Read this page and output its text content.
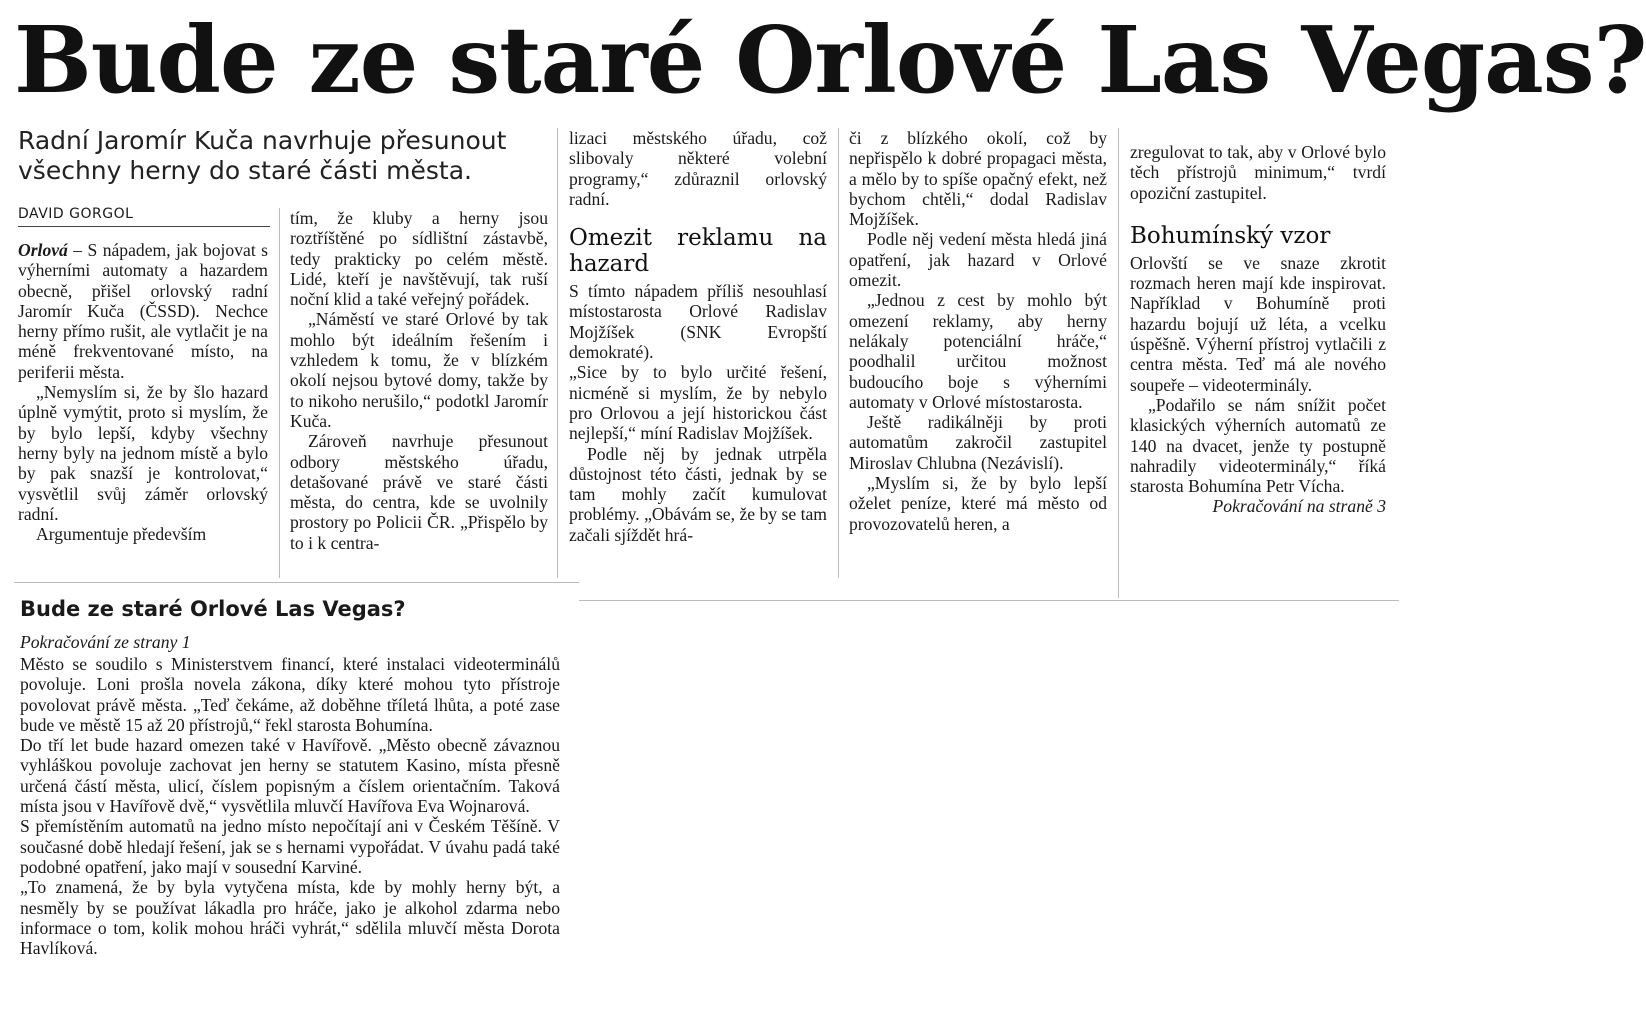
Bude ze staré Orlové Las Vegas?
Radní Jaromír Kuča navrhuje přesunout všechny herny do staré části města.
DAVID GORGOL

Orlová – S nápadem, jak bojovat s výherními automaty a hazardem obecně, přišel orlovský radní Jaromír Kuča (ČSSD). Nechce herny přímo rušit, ale vytlačit je na méně frekventované místo, na periferii města.

„Nemyslím si, že by šlo hazard úplně vymýtit, proto si myslím, že by bylo lepší, kdyby všechny herny byly na jednom místě a bylo by pak snazší je kontrolovat,“ vysvětlil svůj záměr orlovský radní.

Argumentuje především

tím, že kluby a herny jsou roztříštěné po sídlištní zástavbě, tedy prakticky po celém městě. Lidé, kteří je navštěvují, tak ruší noční klid a také veřejný pořádek.

„Náměstí ve staré Orlové by tak mohlo být ideálním řešením i vzhledem k tomu, že v blízkém okolí nejsou bytové domy, takže by to nikoho nerušilo,“ podotkl Jaromír Kuča.

Zároveň navrhuje přesunout odbory městského úřadu, detašované právě ve staré části města, do centra, kde se uvolnily prostory po Policii ČR. „Přispělo by to i k centra-

lizaci městského úřadu, což slibovaly některé volební programy,“ zdůraznil orlovský radní.

Omezit reklamu na hazard

S tímto nápadem příliš nesouhlasí místostarosta Orlové Radislav Mojžíšek (SNK Evropští demokraté).

„Sice by to bylo určité řešení, nicméně si myslím, že by nebylo pro Orlovou a její historickou část nejlepší,“ míní Radislav Mojžíšek.

Podle něj by jednak utrpěla důstojnost této části, jednak by se tam mohly začít kumulovat problémy. „Obávám se, že by se tam začali sjíždět hrá-

či z blízkého okolí, což by nepřispělo k dobré propagaci města, a mělo by to spíše opačný efekt, než bychom chtěli,“ dodal Radislav Mojžíšek.

Podle něj vedení města hledá jiná opatření, jak hazard v Orlové omezit.

„Jednou z cest by mohlo být omezení reklamy, aby herny nelákaly potenciální hráče,“ poodhalil určitou možnost budoucího boje s výherními automaty v Orlové místostarosta.

Ještě radikálněji by proti automatům zakročil zastupitel Miroslav Chlubna (Nezávislí).

„Myslím si, že by bylo lepší oželet peníze, které má město od provozovatelů heren, a

zregulovat to tak, aby v Orlové bylo těch přístrojů minimum,“ tvrdí opoziční zastupitel.

Bohumínský vzor

Orlovští se ve snaze zkrotit rozmach heren mají kde inspirovat. Například v Bohumíně proti hazardu bojují už léta, a vcelku úspěšně. Výherní přístroj vytlačili z centra města. Teď má ale nového soupeře – videoterminály.

„Podařilo se nám snížit počet klasických výherních automatů ze 140 na dvacet, jenže ty postupně nahradily videoterminály,“ říká starosta Bohumína Petr Vícha.

Pokračování na straně 3

Bude ze staré Orlové Las Vegas?
Pokračování ze strany 1

Město se soudilo s Ministerstvem financí, které instalaci videoterminálů povoluje. Loni prošla novela zákona, díky které mohou tyto přístroje povolovat právě města. „Teď čekáme, až doběhne tříletá lhůta, a poté zase bude ve městě 15 až 20 přístrojů,“ řekl starosta Bohumína.

Do tří let bude hazard omezen také v Havířově. „Město obecně závaznou vyhláškou povoluje zachovat jen herny se statutem Kasino, místa přesně určená částí města, ulicí, číslem popisným a číslem orientačním. Taková místa jsou v Havířově dvě,“ vysvětlila mluvčí Havířova Eva Wojnarová.

S přemístěním automatů na jedno místo nepočítají ani v Českém Těšíně. V současné době hledají řešení, jak se s hernami vypořádat. V úvahu padá také podobné opatření, jako mají v sousední Karviné.

„To znamená, že by byla vytyčena místa, kde by mohly herny být, a nesměly by se používat lákadla pro hráče, jako je alkohol zdarma nebo informace o tom, kolik mohou hráči vyhrát,“ sdělila mluvčí města Dorota Havlíková.
